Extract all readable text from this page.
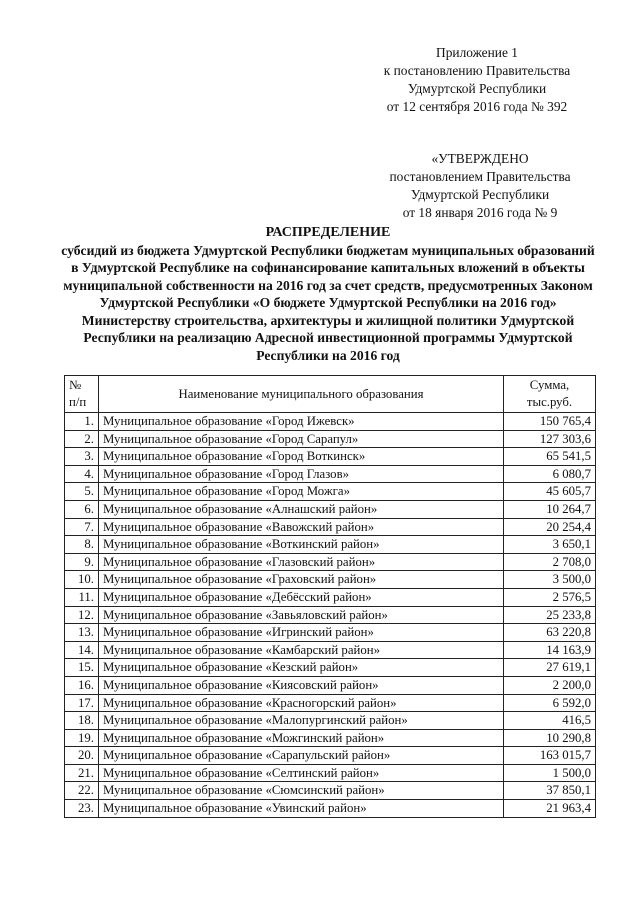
Приложение 1
к постановлению Правительства
Удмуртской Республики
от 12 сентября 2016 года № 392
«УТВЕРЖДЕНО
постановлением Правительства
Удмуртской Республики
от 18 января 2016 года № 9
РАСПРЕДЕЛЕНИЕ
субсидий из бюджета Удмуртской Республики бюджетам муниципальных образований в Удмуртской Республике на софинансирование капитальных вложений в объекты муниципальной собственности на 2016 год за счет средств, предусмотренных Законом Удмуртской Республики «О бюджете Удмуртской Республики на 2016 год» Министерству строительства, архитектуры и жилищной политики Удмуртской Республики на реализацию Адресной инвестиционной программы Удмуртской Республики на 2016 год
№ п/п	Наименование муниципального образования	Сумма, тыс.руб.
1.	Муниципальное образование «Город Ижевск»	150 765,4
2.	Муниципальное образование «Город Сарапул»	127 303,6
3.	Муниципальное образование «Город Воткинск»	65 541,5
4.	Муниципальное образование «Город Глазов»	6 080,7
5.	Муниципальное образование «Город Можга»	45 605,7
6.	Муниципальное образование «Алнашский район»	10 264,7
7.	Муниципальное образование «Вавожский район»	20 254,4
8.	Муниципальное образование «Воткинский район»	3 650,1
9.	Муниципальное образование «Глазовский район»	2 708,0
10.	Муниципальное образование «Граховский район»	3 500,0
11.	Муниципальное образование «Дебёсский район»	2 576,5
12.	Муниципальное образование «Завьяловский район»	25 233,8
13.	Муниципальное образование «Игринский район»	63 220,8
14.	Муниципальное образование «Камбарский район»	14 163,9
15.	Муниципальное образование «Кезский район»	27 619,1
16.	Муниципальное образование «Киясовский район»	2 200,0
17.	Муниципальное образование «Красногорский район»	6 592,0
18.	Муниципальное образование «Малопургинский район»	416,5
19.	Муниципальное образование «Можгинский район»	10 290,8
20.	Муниципальное образование «Сарапульский район»	163 015,7
21.	Муниципальное образование «Селтинский район»	1 500,0
22.	Муниципальное образование «Сюмсинский район»	37 850,1
23.	Муниципальное образование «Увинский район»	21 963,4
